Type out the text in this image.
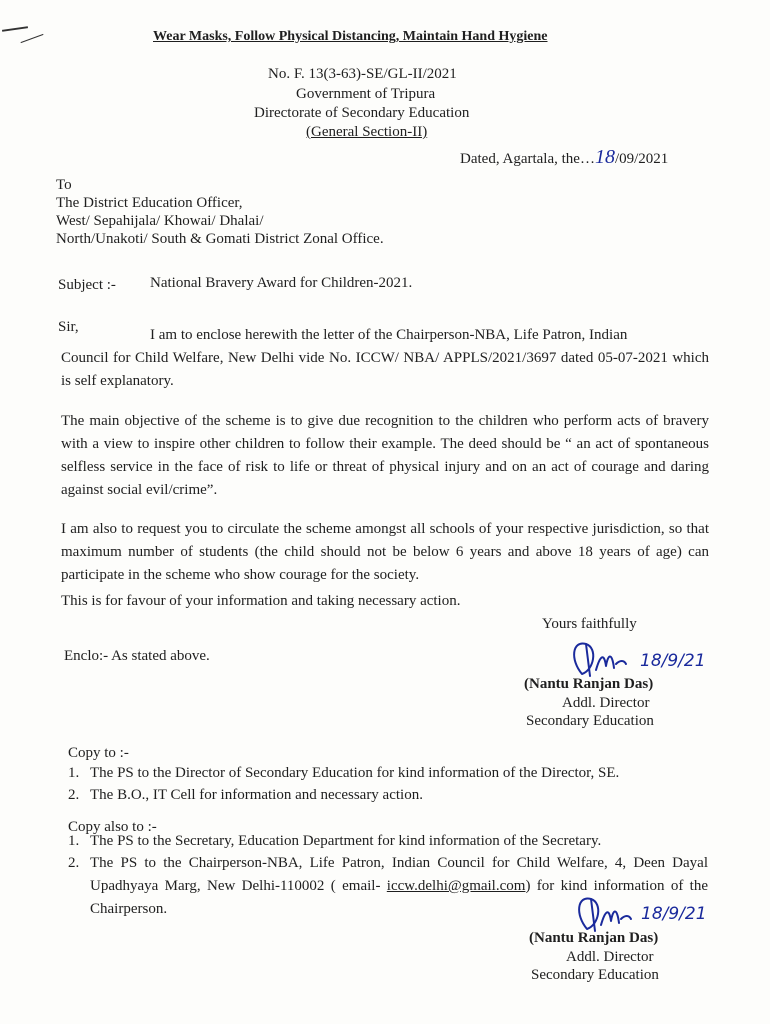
Wear Masks, Follow Physical Distancing, Maintain Hand Hygiene
No. F. 13(3-63)-SE/GL-II/2021
Government of Tripura
Directorate of Secondary Education
(General Section-II)
Dated, Agartala, the…18/09/2021
To
The District Education Officer,
West/ Sepahijala/ Khowai/ Dhalai/
North/Unakoti/ South & Gomati District Zonal Office.
Subject :- National Bravery Award for Children-2021.
Sir,	I am to enclose herewith the letter of the Chairperson-NBA, Life Patron, Indian
Council for Child Welfare, New Delhi vide No. ICCW/ NBA/ APPLS/2021/3697 dated 05-07-2021 which is self explanatory.
The main objective of the scheme is to give due recognition to the children who perform acts of bravery with a view to inspire other children to follow their example. The deed should be “ an act of spontaneous selfless service in the face of risk to life or threat of physical injury and on an act of courage and daring against social evil/crime”.
I am also to request you to circulate the scheme amongst all schools of your respective jurisdiction, so that maximum number of students (the child should not be below 6 years and above 18 years of age) can participate in the scheme who show courage for the society.
This is for favour of your information and taking necessary action.
Yours faithfully
Enclo:- As stated above.	18/9/21
(Nantu Ranjan Das)
Addl. Director
Secondary Education
Copy to :-
1. The PS to the Director of Secondary Education for kind information of the Director, SE.
2. The B.O., IT Cell for information and necessary action.
Copy also to :-
1. The PS to the Secretary, Education Department for kind information of the Secretary.
2. The PS to the Chairperson-NBA, Life Patron, Indian Council for Child Welfare, 4, Deen Dayal Upadhyaya Marg, New Delhi-110002 ( email- iccw.delhi@gmail.com) for kind information of the Chairperson.	18/9/21
(Nantu Ranjan Das)
Addl. Director
Secondary Education
